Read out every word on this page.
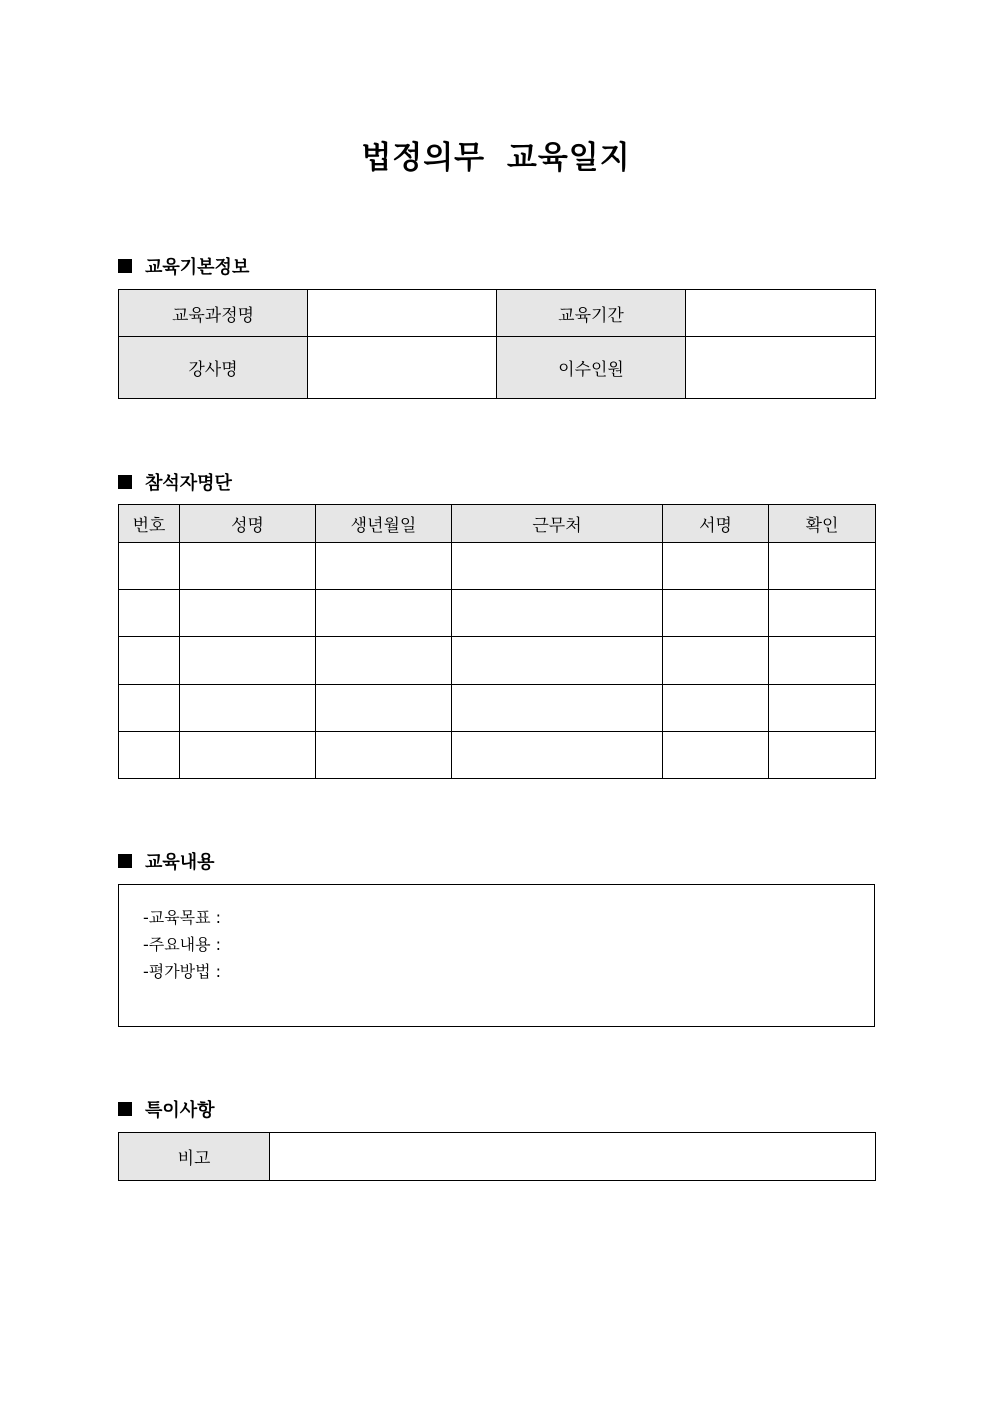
법정의무 교육일지
교육기본정보
교육과정명		교육기간	
강사명		이수인원	
참석자명단
번호	성명	생년월일	근무처	서명	확인

교육내용
-교육목표 :
-주요내용 :
-평가방법 :
특이사항
비고	
